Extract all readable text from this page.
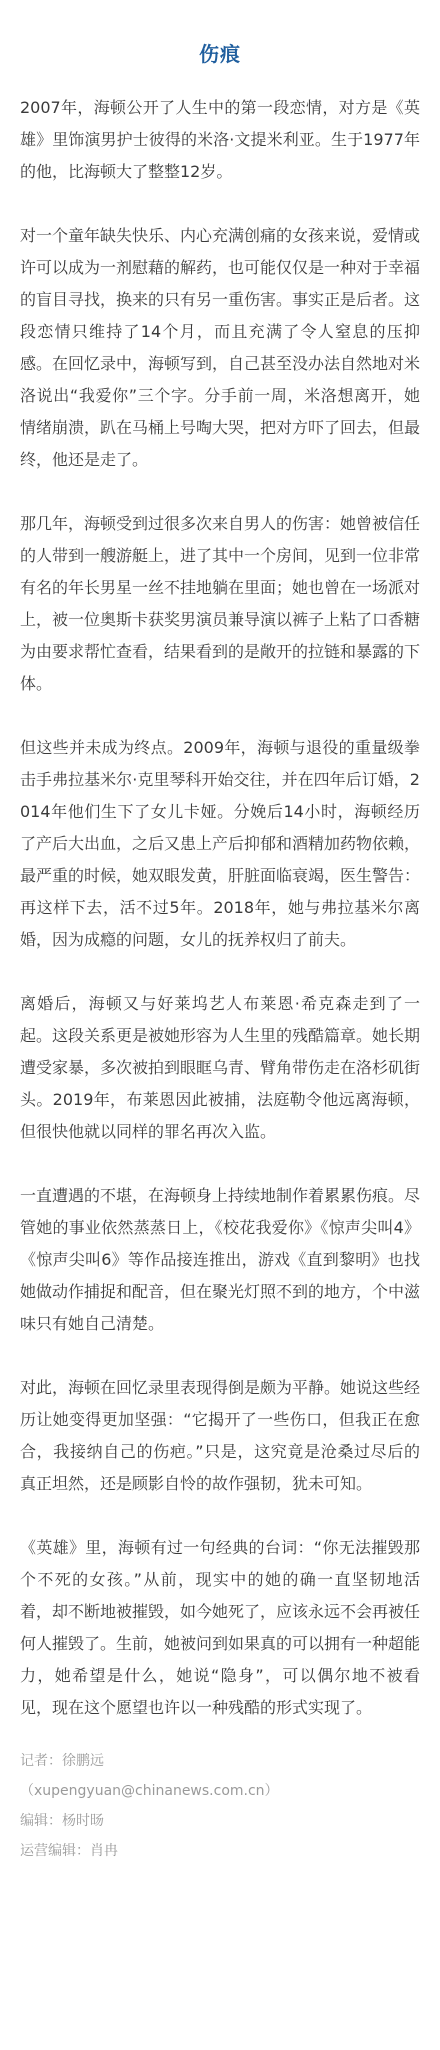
伤痕

2007年，海顿公开了人生中的第一段恋情，对方是《英雄》里饰演男护士彼得的米洛·文提米利亚。生于1977年的他，比海顿大了整整12岁。

对一个童年缺失快乐、内心充满创痛的女孩来说，爱情或许可以成为一剂慰藉的解药，也可能仅仅是一种对于幸福的盲目寻找，换来的只有另一重伤害。事实正是后者。这段恋情只维持了14个月，而且充满了令人窒息的压抑感。在回忆录中，海顿写到，自己甚至没办法自然地对米洛说出“我爱你”三个字。分手前一周，米洛想离开，她情绪崩溃，趴在马桶上号啕大哭，把对方吓了回去，但最终，他还是走了。

那几年，海顿受到过很多次来自男人的伤害：她曾被信任的人带到一艘游艇上，进了其中一个房间，见到一位非常有名的年长男星一丝不挂地躺在里面；她也曾在一场派对上，被一位奥斯卡获奖男演员兼导演以裤子上粘了口香糖为由要求帮忙查看，结果看到的是敞开的拉链和暴露的下体。

但这些并未成为终点。2009年，海顿与退役的重量级拳击手弗拉基米尔·克里琴科开始交往，并在四年后订婚，2014年他们生下了女儿卡娅。分娩后14小时，海顿经历了产后大出血，之后又患上产后抑郁和酒精加药物依赖，最严重的时候，她双眼发黄，肝脏面临衰竭，医生警告：再这样下去，活不过5年。2018年，她与弗拉基米尔离婚，因为成瘾的问题，女儿的抚养权归了前夫。

离婚后，海顿又与好莱坞艺人布莱恩·希克森走到了一起。这段关系更是被她形容为人生里的残酷篇章。她长期遭受家暴，多次被拍到眼眶乌青、臂角带伤走在洛杉矶街头。2019年，布莱恩因此被捕，法庭勒令他远离海顿，但很快他就以同样的罪名再次入监。

一直遭遇的不堪，在海顿身上持续地制作着累累伤痕。尽管她的事业依然蒸蒸日上，《校花我爱你》《惊声尖叫4》《惊声尖叫6》等作品接连推出，游戏《直到黎明》也找她做动作捕捉和配音，但在聚光灯照不到的地方，个中滋味只有她自己清楚。

对此，海顿在回忆录里表现得倒是颇为平静。她说这些经历让她变得更加坚强：“它揭开了一些伤口，但我正在愈合，我接纳自己的伤疤。”只是，这究竟是沧桑过尽后的真正坦然，还是顾影自怜的故作强韧，犹未可知。

《英雄》里，海顿有过一句经典的台词：“你无法摧毁那个不死的女孩。”从前，现实中的她的确一直坚韧地活着，却不断地被摧毁，如今她死了，应该永远不会再被任何人摧毁了。生前，她被问到如果真的可以拥有一种超能力，她希望是什么，她说“隐身”，可以偶尔地不被看见，现在这个愿望也许以一种残酷的形式实现了。

记者：徐鹏远
（xupengyuan@chinanews.com.cn）
编辑：杨时旸
运营编辑：肖冉
